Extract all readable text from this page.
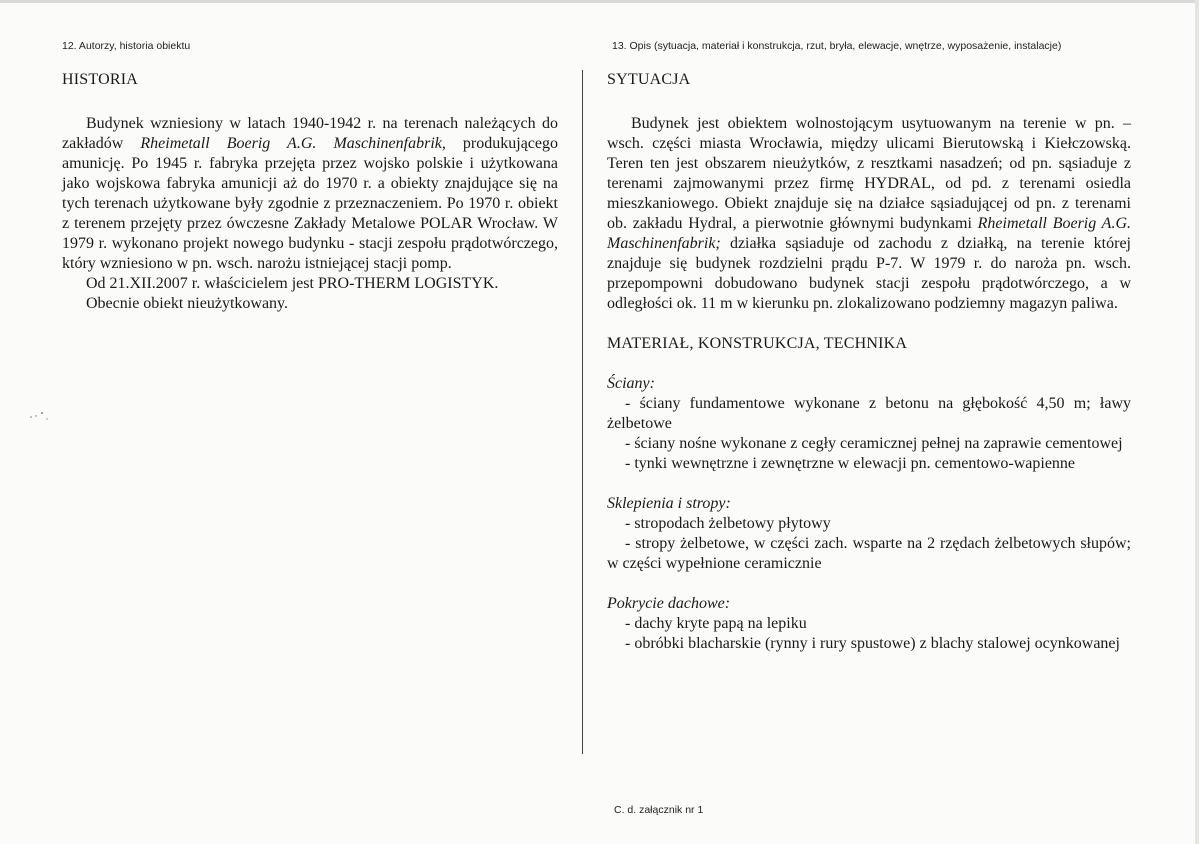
12. Autorzy, historia obiektu	13. Opis (sytuacja, materiał i konstrukcja, rzut, bryła, elewacje, wnętrze, wyposażenie, instalacje)
HISTORIA

Budynek wzniesiony w latach 1940-1942 r. na terenach należących do zakładów Rheimetall Boerig A.G. Maschinenfabrik, produkującego amunicję. Po 1945 r. fabryka przejęta przez wojsko polskie i użytkowana jako wojskowa fabryka amunicji aż do 1970 r. a obiekty znajdujące się na tych terenach użytkowane były zgodnie z przeznaczeniem. Po 1970 r. obiekt z terenem przejęty przez ówczesne Zakłady Metalowe POLAR Wrocław. W 1979 r. wykonano projekt nowego budynku - stacji zespołu prądotwórczego, który wzniesiono w pn. wsch. narożu istniejącej stacji pomp.

Od 21.XII.2007 r. właścicielem jest PRO-THERM LOGISTYK.

Obecnie obiekt nieużytkowany.

SYTUACJA

Budynek jest obiektem wolnostojącym usytuowanym na terenie w pn. – wsch. części miasta Wrocławia, między ulicami Bierutowską i Kiełczowską. Teren ten jest obszarem nieużytków, z resztkami nasadzeń; od pn. sąsiaduje z terenami zajmowanymi przez firmę HYDRAL, od pd. z terenami osiedla mieszkaniowego. Obiekt znajduje się na działce sąsiadującej od pn. z terenami ob. zakładu Hydral, a pierwotnie głównymi budynkami Rheimetall Boerig A.G. Maschinenfabrik; działka sąsiaduje od zachodu z działką, na terenie której znajduje się budynek rozdzielni prądu P-7. W 1979 r. do naroża pn. wsch. przepompowni dobudowano budynek stacji zespołu prądotwórczego, a w odległości ok. 11 m w kierunku pn. zlokalizowano podziemny magazyn paliwa.

MATERIAŁ, KONSTRUKCJA, TECHNIKA

Ściany:

- ściany fundamentowe wykonane z betonu na głębokość 4,50 m; ławy żelbetowe

- ściany nośne wykonane z cegły ceramicznej pełnej na zaprawie cementowej

- tynki wewnętrzne i zewnętrzne w elewacji pn. cementowo-wapienne

Sklepienia i stropy:

- stropodach żelbetowy płytowy

- stropy żelbetowe, w części zach. wsparte na 2 rzędach żelbetowych słupów; w części wypełnione ceramicznie

Pokrycie dachowe:

- dachy kryte papą na lepiku

- obróbki blacharskie (rynny i rury spustowe) z blachy stalowej ocynkowanej

C. d. załącznik nr 1
